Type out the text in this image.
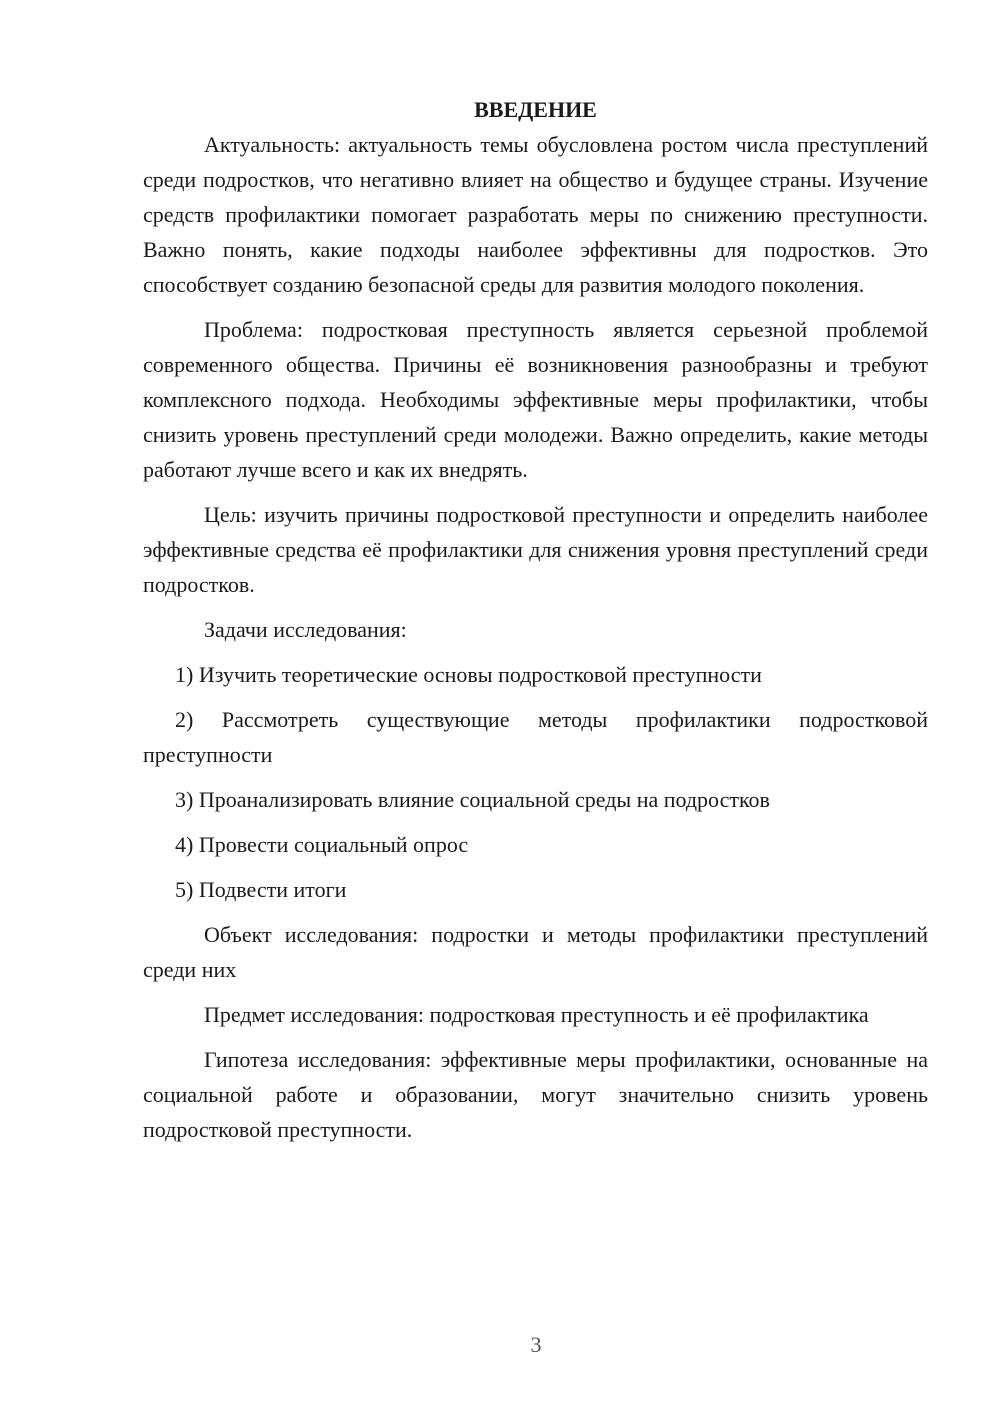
ВВЕДЕНИЕ

Актуальность: актуальность темы обусловлена ростом числа преступлений среди подростков, что негативно влияет на общество и будущее страны. Изучение средств профилактики помогает разработать меры по снижению преступности. Важно понять, какие подходы наиболее эффективны для подростков. Это способствует созданию безопасной среды для развития молодого поколения.

Проблема: подростковая преступность является серьезной проблемой современного общества. Причины её возникновения разнообразны и требуют комплексного подхода. Необходимы эффективные меры профилактики, чтобы снизить уровень преступлений среди молодежи. Важно определить, какие методы работают лучше всего и как их внедрять.

Цель: изучить причины подростковой преступности и определить наиболее эффективные средства её профилактики для снижения уровня преступлений среди подростков.

Задачи исследования:

1) Изучить теоретические основы подростковой преступности

2) Рассмотреть существующие методы профилактики подростковой преступности

3) Проанализировать влияние социальной среды на подростков

4) Провести социальный опрос

5) Подвести итоги

Объект исследования: подростки и методы профилактики преступлений среди них

Предмет исследования: подростковая преступность и её профилактика

Гипотеза исследования: эффективные меры профилактики, основанные на социальной работе и образовании, могут значительно снизить уровень подростковой преступности.

3
